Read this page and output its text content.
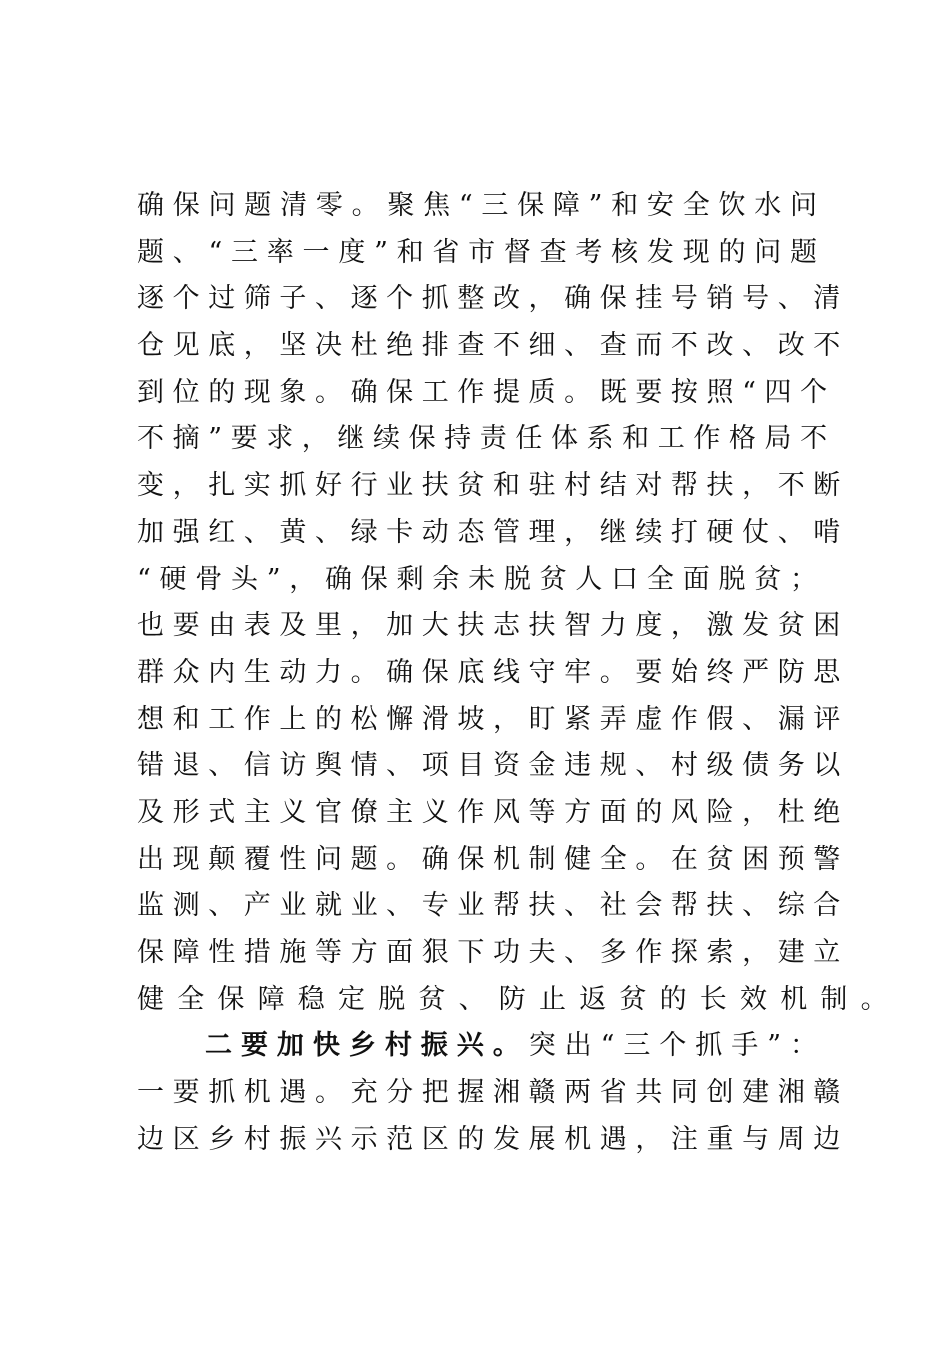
确 保 问 题 清 零 。 聚 焦 “ 三 保 障 ” 和 安 全 饮 水 问
题 、 “ 三 率 一 度 ” 和 省 市 督 查 考 核 发 现 的 问 题
逐 个 过 筛 子 、 逐 个 抓 整 改 ， 确 保 挂 号 销 号 、 清
仓 见 底 ， 坚 决 杜 绝 排 查 不 细 、 查 而 不 改 、 改 不
到 位 的 现 象 。 确 保 工 作 提 质 。 既 要 按 照 “ 四 个
不 摘 ” 要 求 ， 继 续 保 持 责 任 体 系 和 工 作 格 局 不
变 ， 扎 实 抓 好 行 业 扶 贫 和 驻 村 结 对 帮 扶 ， 不 断
加 强 红 、 黄 、 绿 卡 动 态 管 理 ， 继 续 打 硬 仗 、 啃
“ 硬 骨 头 ” ， 确 保 剩 余 未 脱 贫 人 口 全 面 脱 贫 ；
也 要 由 表 及 里 ， 加 大 扶 志 扶 智 力 度 ， 激 发 贫 困
群 众 内 生 动 力 。 确 保 底 线 守 牢 。 要 始 终 严 防 思
想 和 工 作 上 的 松 懈 滑 坡 ， 盯 紧 弄 虚 作 假 、 漏 评
错 退 、 信 访 舆 情 、 项 目 资 金 违 规 、 村 级 债 务 以
及 形 式 主 义 官 僚 主 义 作 风 等 方 面 的 风 险 ， 杜 绝
出 现 颠 覆 性 问 题 。 确 保 机 制 健 全 。 在 贫 困 预 警
监 测 、 产 业 就 业 、 专 业 帮 扶 、 社 会 帮 扶 、 综 合
保 障 性 措 施 等 方 面 狠 下 功 夫 、 多 作 探 索 ， 建 立
健全保障稳定脱贫、防止返贫的长效机制。
二要加快乡村振兴。突出“三个抓手”：
一 要 抓 机 遇 。 充 分 把 握 湘 赣 两 省 共 同 创 建 湘 赣
边 区 乡 村 振 兴 示 范 区 的 发 展 机 遇 ， 注 重 与 周 边
